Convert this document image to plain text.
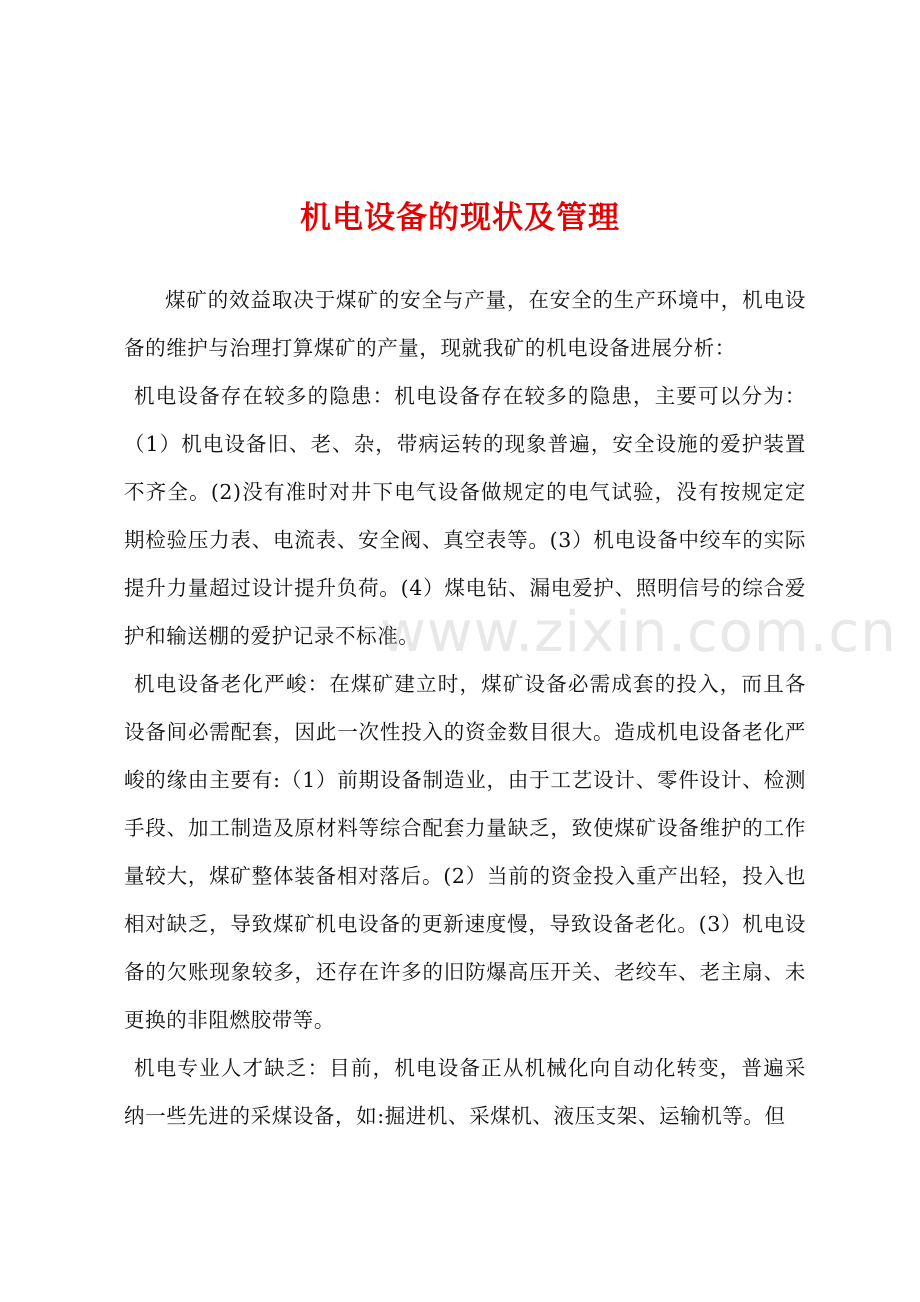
机电设备的现状及管理

煤矿的效益取决于煤矿的安全与产量，在安全的生产环境中，机电设备的维护与治理打算煤矿的产量，现就我矿的机电设备进展分析：

机电设备存在较多的隐患：机电设备存在较多的隐患，主要可以分为：（1）机电设备旧、老、杂，带病运转的现象普遍，安全设施的爱护装置不齐全。(2)没有准时对井下电气设备做规定的电气试验，没有按规定定期检验压力表、电流表、安全阀、真空表等。(3）机电设备中绞车的实际提升力量超过设计提升负荷。(4）煤电钻、漏电爱护、照明信号的综合爱护和输送棚的爱护记录不标准。

机电设备老化严峻：在煤矿建立时，煤矿设备必需成套的投入，而且各设备间必需配套，因此一次性投入的资金数目很大。造成机电设备老化严峻的缘由主要有:（1）前期设备制造业，由于工艺设计、零件设计、检测手段、加工制造及原材料等综合配套力量缺乏，致使煤矿设备维护的工作量较大，煤矿整体装备相对落后。(2）当前的资金投入重产出轻，投入也相对缺乏，导致煤矿机电设备的更新速度慢，导致设备老化。(3）机电设备的欠账现象较多，还存在许多的旧防爆高压开关、老绞车、老主扇、未更换的非阻燃胶带等。

机电专业人才缺乏：目前，机电设备正从机械化向自动化转变，普遍采纳一些先进的采煤设备，如:掘进机、采煤机、液压支架、运输机等。但

www.zixin.com.cn
